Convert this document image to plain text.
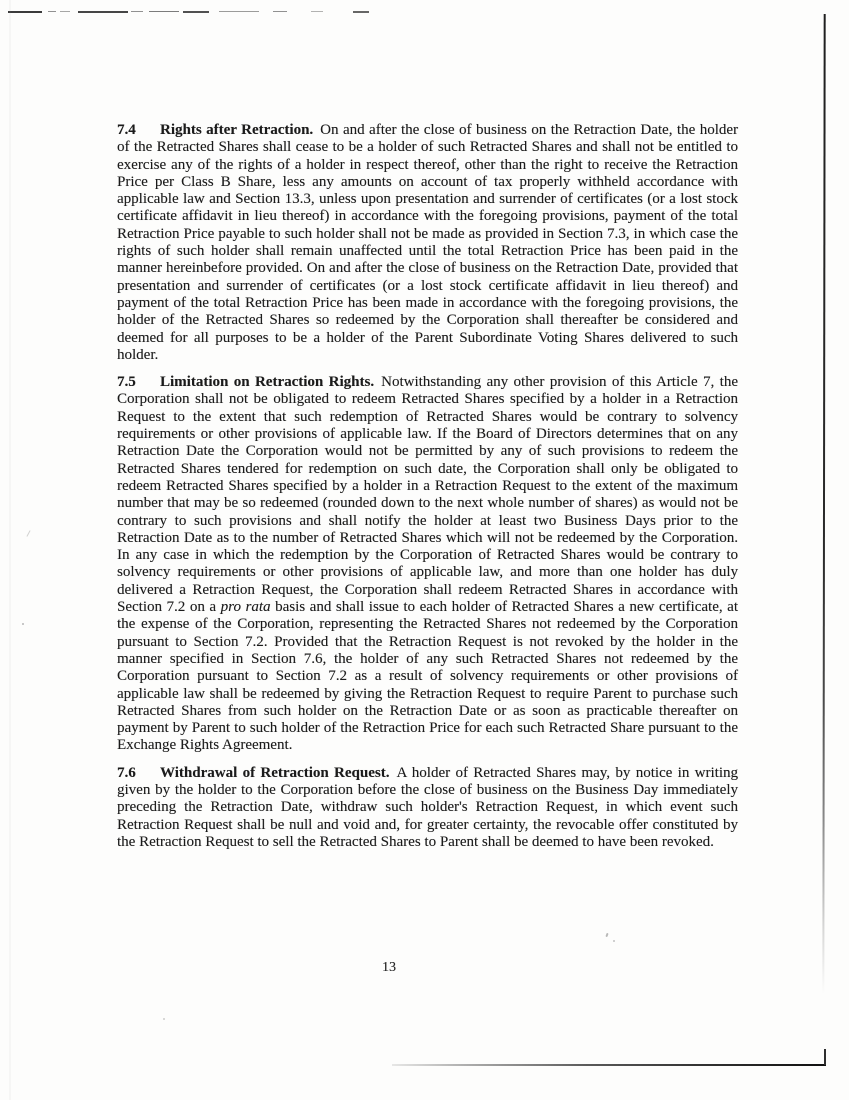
7.4 Rights after Retraction. On and after the close of business on the Retraction Date, the holder of the Retracted Shares shall cease to be a holder of such Retracted Shares and shall not be entitled to exercise any of the rights of a holder in respect thereof, other than the right to receive the Retraction Price per Class B Share, less any amounts on account of tax properly withheld accordance with applicable law and Section 13.3, unless upon presentation and surrender of certificates (or a lost stock certificate affidavit in lieu thereof) in accordance with the foregoing provisions, payment of the total Retraction Price payable to such holder shall not be made as provided in Section 7.3, in which case the rights of such holder shall remain unaffected until the total Retraction Price has been paid in the manner hereinbefore provided. On and after the close of business on the Retraction Date, provided that presentation and surrender of certificates (or a lost stock certificate affidavit in lieu thereof) and payment of the total Retraction Price has been made in accordance with the foregoing provisions, the holder of the Retracted Shares so redeemed by the Corporation shall thereafter be considered and deemed for all purposes to be a holder of the Parent Subordinate Voting Shares delivered to such holder.

7.5 Limitation on Retraction Rights. Notwithstanding any other provision of this Article 7, the Corporation shall not be obligated to redeem Retracted Shares specified by a holder in a Retraction Request to the extent that such redemption of Retracted Shares would be contrary to solvency requirements or other provisions of applicable law. If the Board of Directors determines that on any Retraction Date the Corporation would not be permitted by any of such provisions to redeem the Retracted Shares tendered for redemption on such date, the Corporation shall only be obligated to redeem Retracted Shares specified by a holder in a Retraction Request to the extent of the maximum number that may be so redeemed (rounded down to the next whole number of shares) as would not be contrary to such provisions and shall notify the holder at least two Business Days prior to the Retraction Date as to the number of Retracted Shares which will not be redeemed by the Corporation. In any case in which the redemption by the Corporation of Retracted Shares would be contrary to solvency requirements or other provisions of applicable law, and more than one holder has duly delivered a Retraction Request, the Corporation shall redeem Retracted Shares in accordance with Section 7.2 on a pro rata basis and shall issue to each holder of Retracted Shares a new certificate, at the expense of the Corporation, representing the Retracted Shares not redeemed by the Corporation pursuant to Section 7.2. Provided that the Retraction Request is not revoked by the holder in the manner specified in Section 7.6, the holder of any such Retracted Shares not redeemed by the Corporation pursuant to Section 7.2 as a result of solvency requirements or other provisions of applicable law shall be redeemed by giving the Retraction Request to require Parent to purchase such Retracted Shares from such holder on the Retraction Date or as soon as practicable thereafter on payment by Parent to such holder of the Retraction Price for each such Retracted Share pursuant to the Exchange Rights Agreement.

7.6 Withdrawal of Retraction Request. A holder of Retracted Shares may, by notice in writing given by the holder to the Corporation before the close of business on the Business Day immediately preceding the Retraction Date, withdraw such holder's Retraction Request, in which event such Retraction Request shall be null and void and, for greater certainty, the revocable offer constituted by the Retraction Request to sell the Retracted Shares to Parent shall be deemed to have been revoked.

13
